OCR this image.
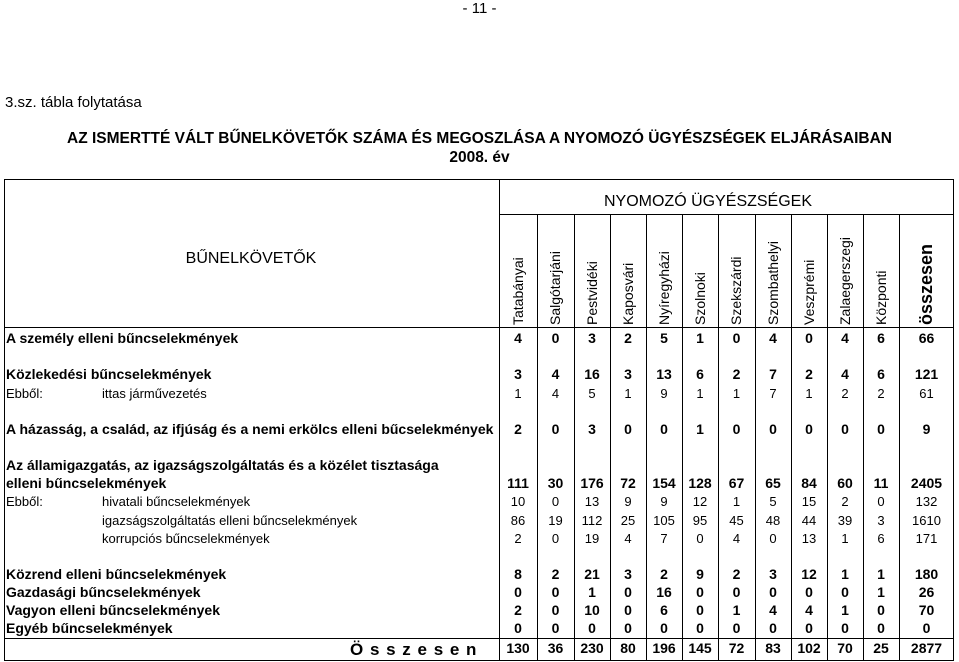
- 11 -
3.sz. tábla folytatása
AZ ISMERTTÉ VÁLT BŰNELKÖVETŐK SZÁMA ÉS MEGOSZLÁSA A NYOMOZÓ ÜGYÉSZSÉGEK ELJÁRÁSAIBAN
2008. év
NYOMOZÓ ÜGYÉSZSÉGEK
BŰNELKÖVETŐK	Tatabányai Salgótarjáni Pestvidéki Kaposvári Nyíregyházi Szolnoki Szekszárdi Szombathelyi Veszprémi Zalaegerszegi Központi összesen
A személy elleni bűncselekmények	4	0	3	2	5	1	0	4	0	4	6	66
Közlekedési bűncselekmények	3	4	16	3	13	6	2	7	2	4	6	121
Ebből:	ittas járművezetés	1	4	5	1	9	1	1	7	1	2	2	61
A házasság, a család, az ifjúság és a nemi erkölcs elleni bűcselekmények	2	0	3	0	0	1	0	0	0	0	0	9
Az államigazgatás, az igazságszolgáltatás és a közélet tisztasága
elleni bűncselekmények	111	30	176	72	154 128	67	65	84	60	11	2405
Ebből:	hivatali bűncselekmények	10	0	13	9	9	12	1	5	15	2	0	132
igazságszolgáltatás elleni bűncselekmények	86	19	112	25	105	95	45	48	44	39	3	1610
korrupciós bűncselekmények	2	0	19	4	7	0	4	0	13	1	6	171
Közrend elleni bűncselekmények	8	2	21	3	2	9	2	3	12	1	1	180
Gazdasági bűncselekmények	0	0	1	0	16	0	0	0	0	0	1	26
Vagyon elleni bűncselekmények	2	0	10	0	6	0	1	4	4	1	0	70
Egyéb bűncselekmények	0	0	0	0	0	0	0	0	0	0	0	0
Ö s s z e s e n	130	36	230	80	196 145	72	83	102	70	25	2877
